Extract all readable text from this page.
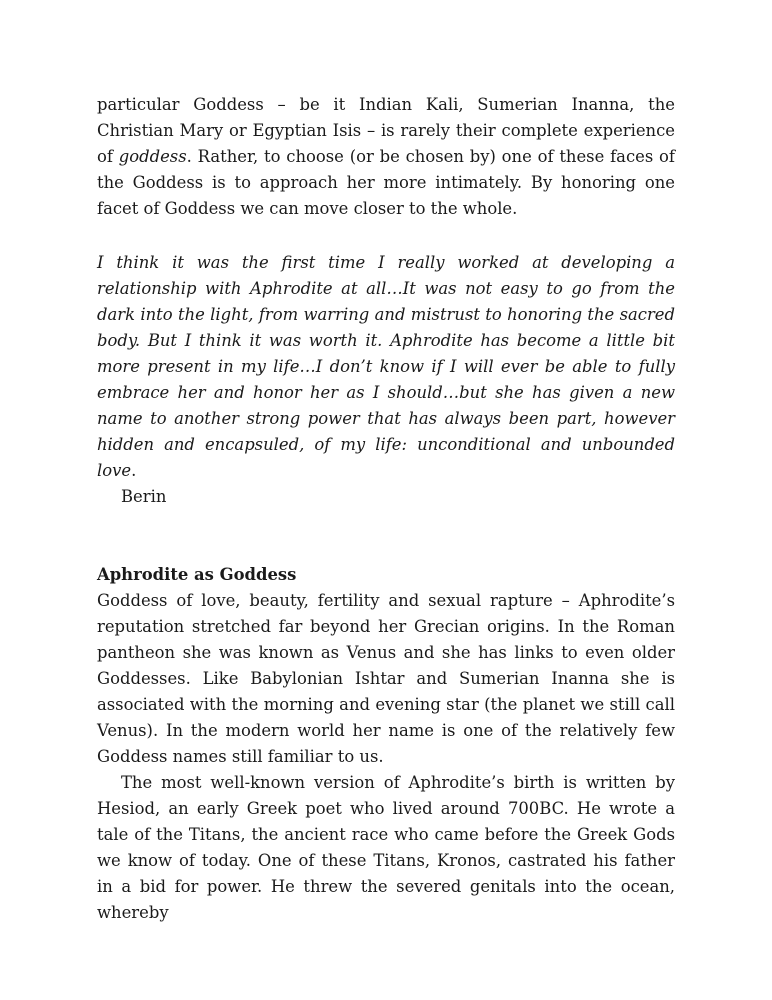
particular Goddess – be it Indian Kali, Sumerian Inanna, the Christian Mary or Egyptian Isis – is rarely their complete experience of goddess. Rather, to choose (or be chosen by) one of these faces of the Goddess is to approach her more intimately. By honoring one facet of Goddess we can move closer to the whole.

I think it was the first time I really worked at developing a relationship with Aphrodite at all…It was not easy to go from the dark into the light, from warring and mistrust to honoring the sacred body. But I think it was worth it. Aphrodite has become a little bit more present in my life…I don’t know if I will ever be able to fully embrace her and honor her as I should…but she has given a new name to another strong power that has always been part, however hidden and encapsuled, of my life: unconditional and unbounded love.

Berin

Aphrodite as Goddess

Goddess of love, beauty, fertility and sexual rapture – Aphrodite’s reputation stretched far beyond her Grecian origins. In the Roman pantheon she was known as Venus and she has links to even older Goddesses. Like Babylonian Ishtar and Sumerian Inanna she is associated with the morning and evening star (the planet we still call Venus). In the modern world her name is one of the relatively few Goddess names still familiar to us.

The most well-known version of Aphrodite’s birth is written by Hesiod, an early Greek poet who lived around 700BC. He wrote a tale of the Titans, the ancient race who came before the Greek Gods we know of today. One of these Titans, Kronos, castrated his father in a bid for power. He threw the severed genitals into the ocean, whereby
